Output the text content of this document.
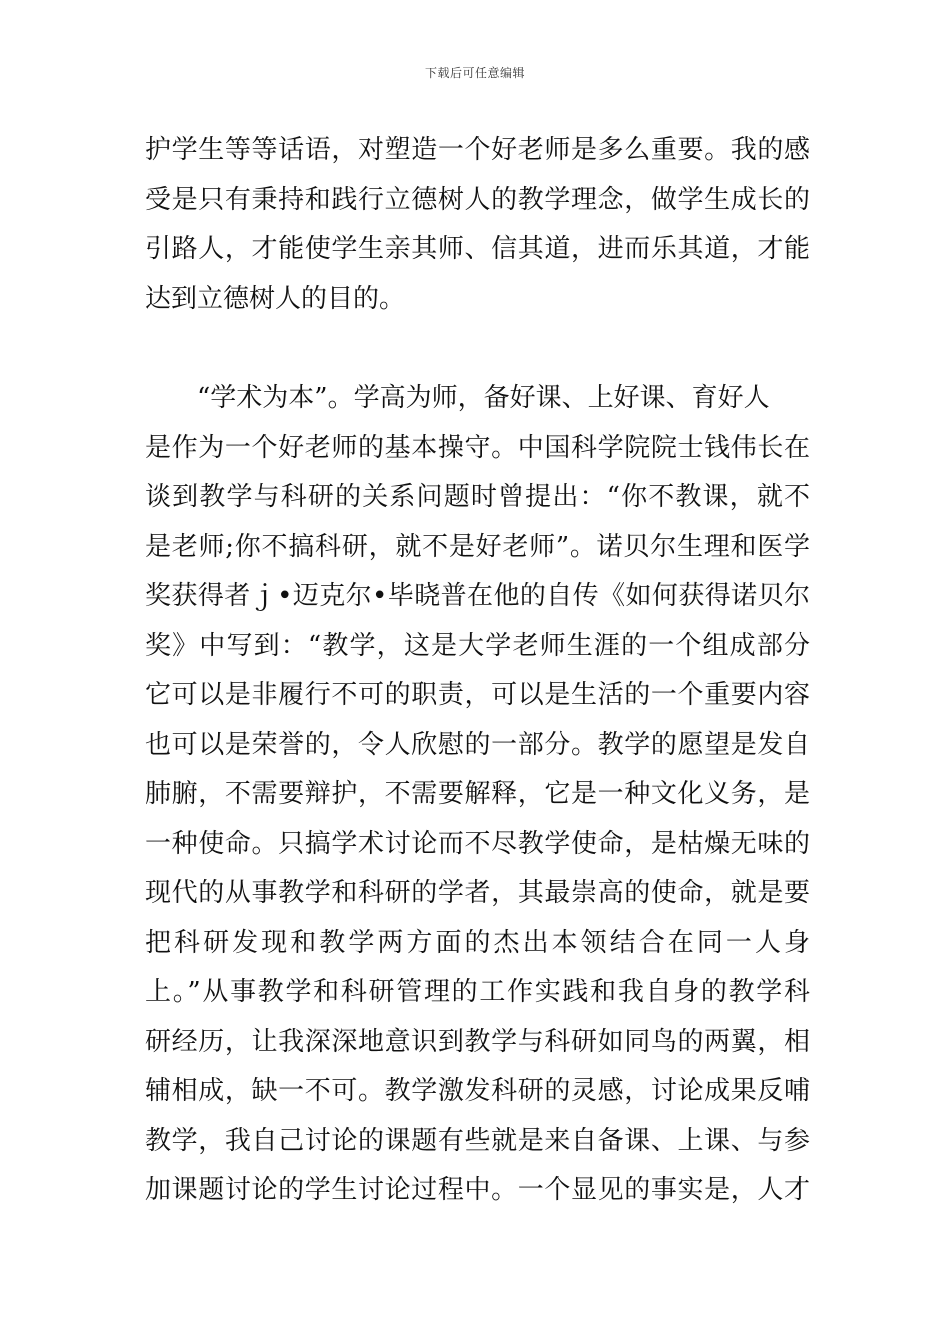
下载后可任意编辑
护学生等等话语，对塑造一个好老师是多么重要。我的感
受是只有秉持和践行立德树人的教学理念，做学生成长的
引路人，才能使学生亲其师、信其道，进而乐其道，才能
达到立德树人的目的。
“学术为本”。学高为师，备好课、上好课、育好人
是作为一个好老师的基本操守。中国科学院院士钱伟长在
谈到教学与科研的关系问题时曾提出：“你不教课，就不
是老师;你不搞科研，就不是好老师”。诺贝尔生理和医学
奖获得者ｊ•迈克尔•毕晓普在他的自传《如何获得诺贝尔
奖》中写到：“教学，这是大学老师生涯的一个组成部分
它可以是非履行不可的职责，可以是生活的一个重要内容
也可以是荣誉的，令人欣慰的一部分。教学的愿望是发自
肺腑，不需要辩护，不需要解释，它是一种文化义务，是
一种使命。只搞学术讨论而不尽教学使命，是枯燥无味的
现代的从事教学和科研的学者，其最崇高的使命，就是要
把科研发现和教学两方面的杰出本领结合在同一人身
上。”从事教学和科研管理的工作实践和我自身的教学科
研经历，让我深深地意识到教学与科研如同鸟的两翼，相
辅相成，缺一不可。教学激发科研的灵感，讨论成果反哺
教学，我自己讨论的课题有些就是来自备课、上课、与参
加课题讨论的学生讨论过程中。一个显见的事实是，人才
